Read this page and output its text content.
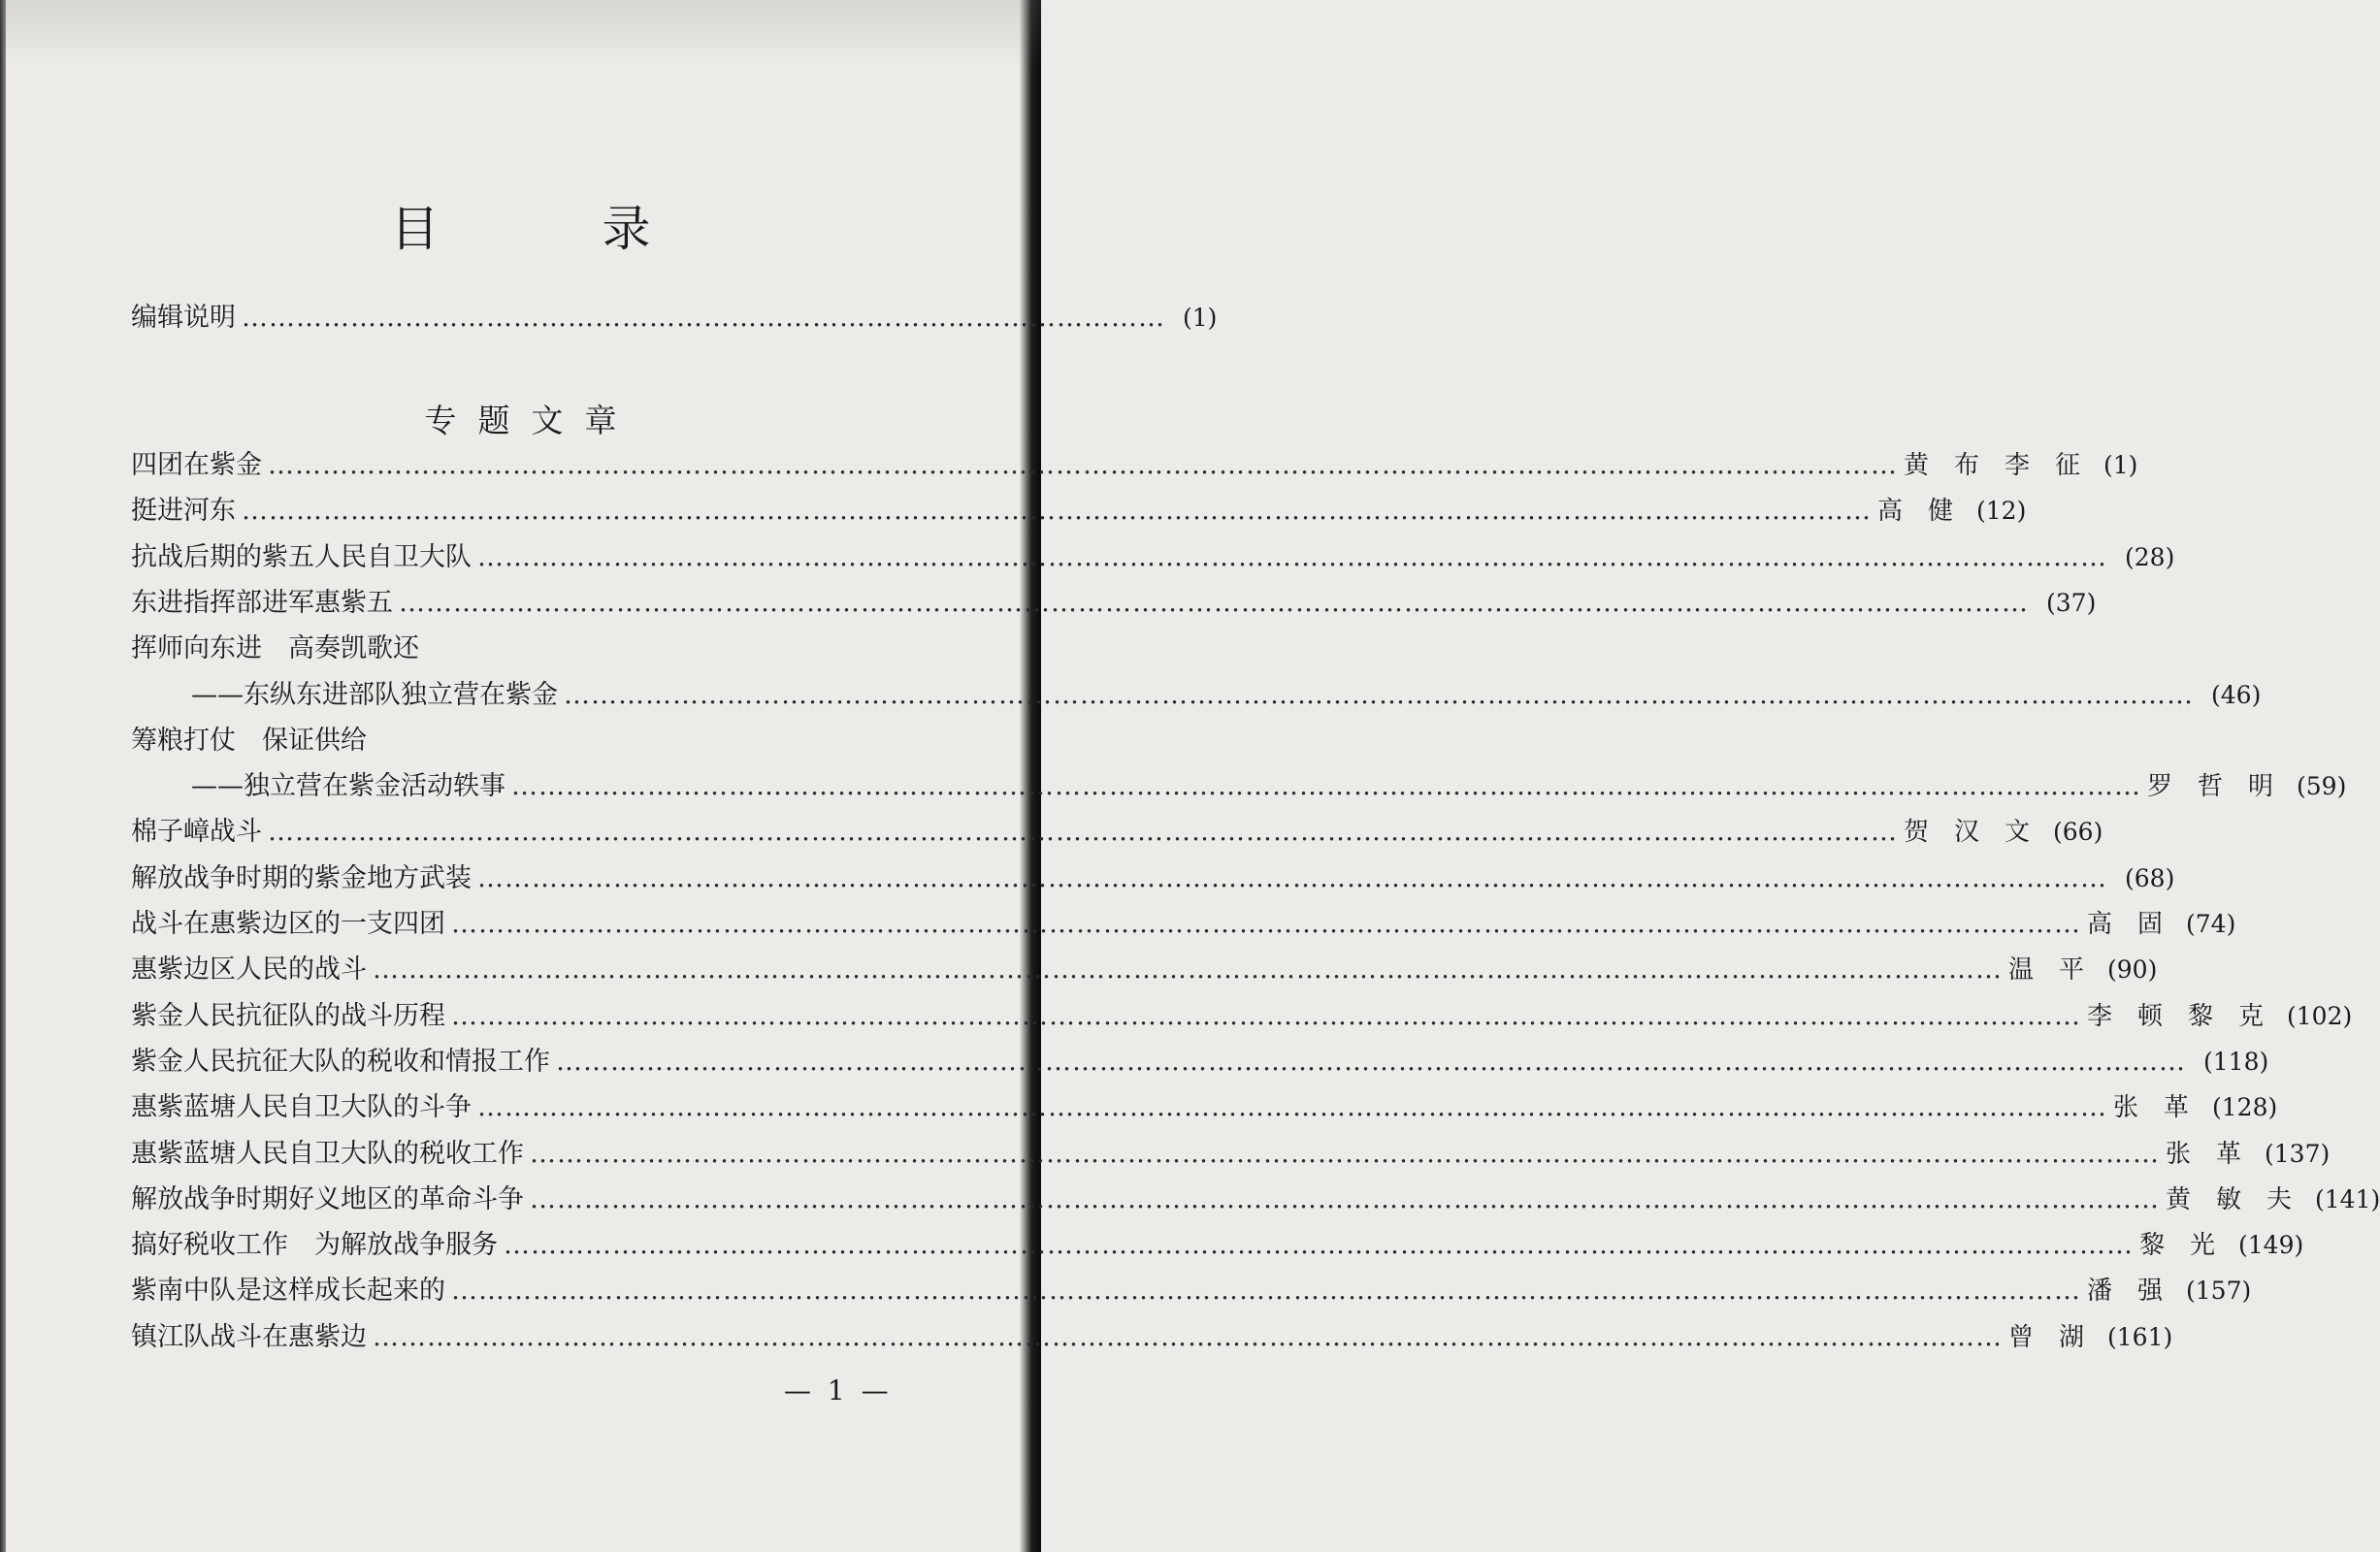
目 录
编辑说明 ………………………………………………………………………………………… (1)
专题文章
四团在紫金 ……………………………………………………………………………………………………………………………………………………………… 黄布李征
(1)
挺进河东 ……………………………………………………………………………………………………………………………………………………………… 高健
(12)
抗战后期的紫五人民自卫大队 ……………………………………………………………………………………………………………………………………………………………… (28)
东进指挥部进军惠紫五 ……………………………………………………………………………………………………………………………………………………………… (37)
挥师向东进　高奏凯歌还
——东纵东进部队独立营在紫金 ……………………………………………………………………………………………………………………………………………………………… (46)
筹粮打仗　保证供给
——独立营在紫金活动轶事 ……………………………………………………………………………………………………………………………………………………………… 罗哲明
(59)
棉子嶂战斗 ……………………………………………………………………………………………………………………………………………………………… 贺汉文
(66)
解放战争时期的紫金地方武装 ……………………………………………………………………………………………………………………………………………………………… (68)
战斗在惠紫边区的一支四团 ……………………………………………………………………………………………………………………………………………………………… 高固
(74)
惠紫边区人民的战斗 ……………………………………………………………………………………………………………………………………………………………… 温平
(90)
紫金人民抗征队的战斗历程 ……………………………………………………………………………………………………………………………………………………………… 李顿黎克
(102)
紫金人民抗征大队的税收和情报工作 ……………………………………………………………………………………………………………………………………………………………… (118)
惠紫蓝塘人民自卫大队的斗争 ……………………………………………………………………………………………………………………………………………………………… 张革
(128)
惠紫蓝塘人民自卫大队的税收工作 ……………………………………………………………………………………………………………………………………………………………… 张革
(137)
解放战争时期好义地区的革命斗争 ……………………………………………………………………………………………………………………………………………………………… 黄敏夫
(141)
搞好税收工作　为解放战争服务 ……………………………………………………………………………………………………………………………………………………………… 黎光
(149)
紫南中队是这样成长起来的 ……………………………………………………………………………………………………………………………………………………………… 潘强
(157)
镇江队战斗在惠紫边 ……………………………………………………………………………………………………………………………………………………………… 曾湖
(161)
— 1 —
